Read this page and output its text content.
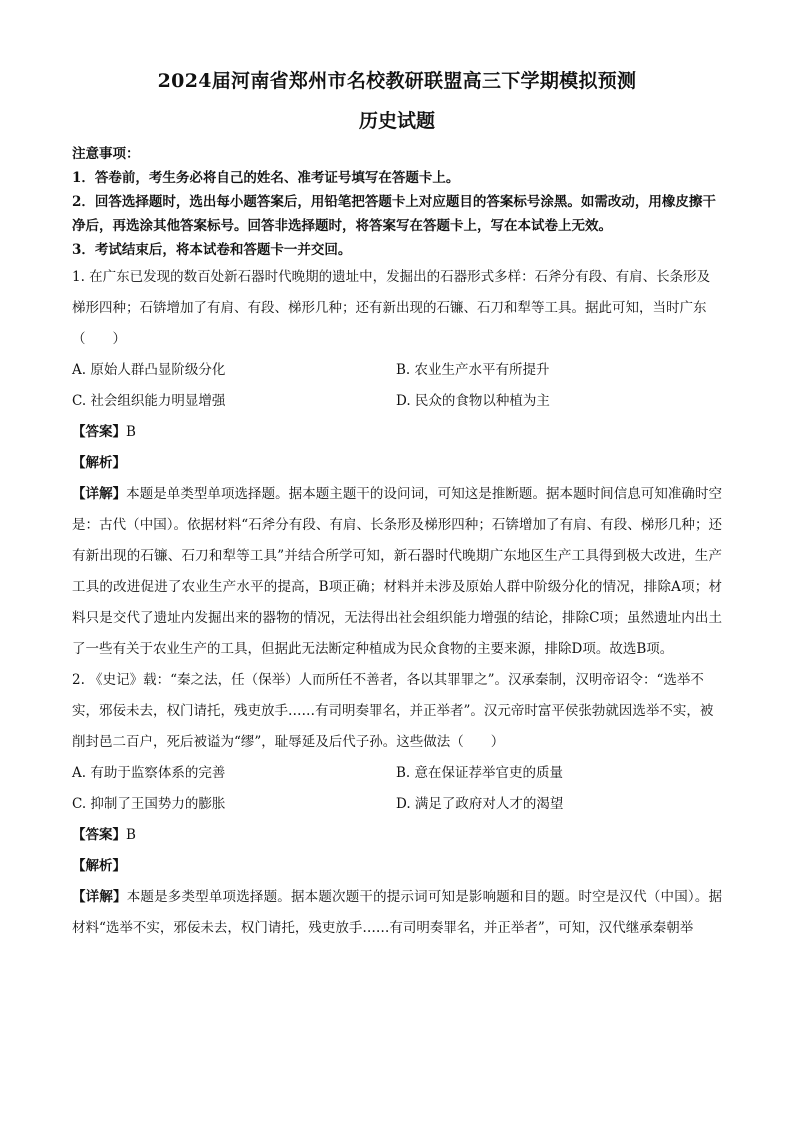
2024届河南省郑州市名校教研联盟高三下学期模拟预测
历史试题
注意事项：
1．答卷前，考生务必将自己的姓名、准考证号填写在答题卡上。
2．回答选择题时，选出每小题答案后，用铅笔把答题卡上对应题目的答案标号涂黑。如需改动，用橡皮擦干净后，再选涂其他答案标号。回答非选择题时，将答案写在答题卡上，写在本试卷上无效。
3．考试结束后，将本试卷和答题卡一并交回。

1. 在广东已发现的数百处新石器时代晚期的遗址中，发掘出的石器形式多样：石斧分有段、有肩、长条形及梯形四种；石锛增加了有肩、有段、梯形几种；还有新出现的石镰、石刀和犁等工具。据此可知，当时广东（　　）

A. 原始人群凸显阶级分化	B. 农业生产水平有所提升
C. 社会组织能力明显增强	D. 民众的食物以种植为主

【答案】B

【解析】

【详解】本题是单类型单项选择题。据本题主题干的设问词，可知这是推断题。据本题时间信息可知准确时空是：古代（中国）。依据材料“石斧分有段、有肩、长条形及梯形四种；石锛增加了有肩、有段、梯形几种；还有新出现的石镰、石刀和犁等工具”并结合所学可知，新石器时代晚期广东地区生产工具得到极大改进，生产工具的改进促进了农业生产水平的提高，B项正确；材料并未涉及原始人群中阶级分化的情况，排除A项；材料只是交代了遗址内发掘出来的器物的情况，无法得出社会组织能力增强的结论，排除C项；虽然遗址内出土了一些有关于农业生产的工具，但据此无法断定种植成为民众食物的主要来源，排除D项。故选B项。

2. 《史记》载：“秦之法，任（保举）人而所任不善者，各以其罪罪之”。汉承秦制，汉明帝诏令：“选举不实，邪佞未去，权门请托，残吏放手……有司明奏罪名，并正举者”。汉元帝时富平侯张勃就因选举不实，被削封邑二百户，死后被谥为“缪”，耻辱延及后代子孙。这些做法（　　）

A. 有助于监察体系的完善	B. 意在保证荐举官吏的质量
C. 抑制了王国势力的膨胀	D. 满足了政府对人才的渴望

【答案】B

【解析】

【详解】本题是多类型单项选择题。据本题次题干的提示词可知是影响题和目的题。时空是汉代（中国）。据材料“选举不实，邪佞未去，权门请托，残吏放手……有司明奏罪名，并正举者”，可知，汉代继承秦朝举
